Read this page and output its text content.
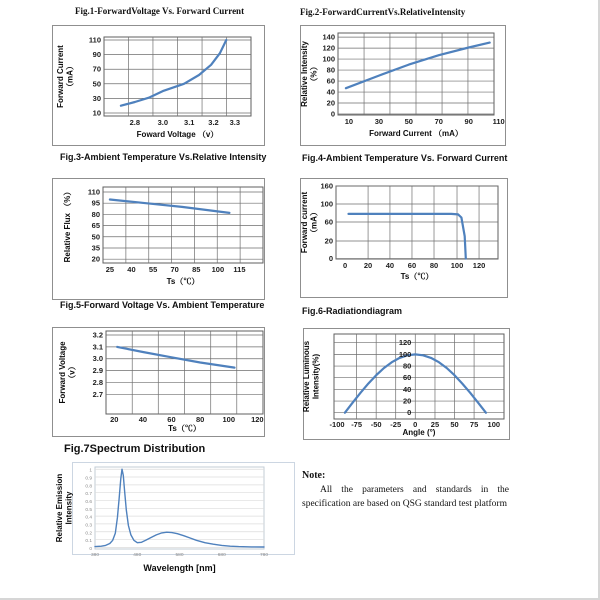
Fig.1-ForwardVoltage Vs. Forward Current
2.8 3.0 3.1 3.2 3.3
10
30
50
70
90
110
Forward Current（mA）
Foward Voltage （v）
Fig.2-ForwardCurrentVs.RelativeIntensity
10	30	50	70	90	110
0
20
40
60
80
100
120
140
Relative Intensity（%）
Forward Current （mA）
Fig.3-Ambient Temperature Vs.Relative Intensity
25 40 55 70 85 100 115
20
35
50
65
80
95
110
Relative Flux （%）
Ts（℃）
Fig.4-Ambient Temperature Vs. Forward Current
0 20 40 60 80 100 120
0
20
60
100
160
Forward current（mA）
Ts（℃）
Fig.5-Forward Voltage Vs. Ambient Temperature
20	40	60	80 100 120
2.7
2.8
2.9
3.0
3.1
3.2
Forward Voltage（v）
Ts（℃）
Fig.6-Radiationdiagram
-100 -75 -50 -25 0 25 50 75 100
0
20
40
60
80
100
120
Relative LuminousIntensity(%)
Angle (°)
Fig.7Spectrum Distribution
380	480	580	680	780
0
0.1
0.2
0.3
0.4
0.5
0.6
0.7
0.8
0.9
1
Relative EmissionIntensity
Wavelength [nm]
Note:

All the parameters and standards in the specification are based on QSG standard test platform
